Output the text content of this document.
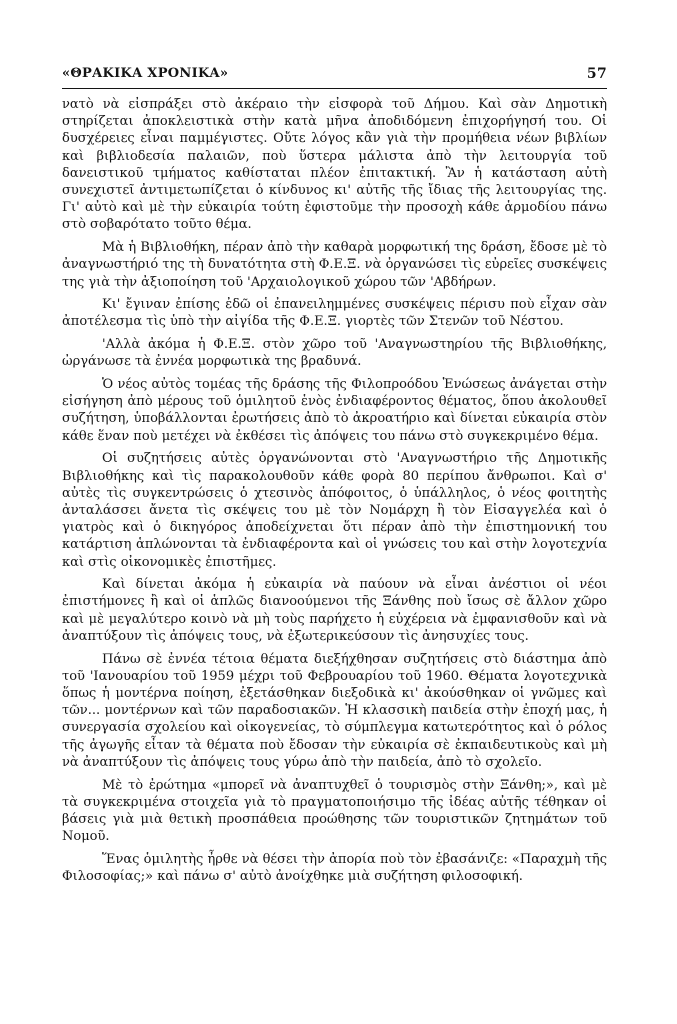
«ΘΡΑΚΙΚΑ ΧΡΟΝΙΚΑ»	57

νατὸ νὰ εἰσπράξει στὸ ἀκέραιο τὴν εἰσφορὰ τοῦ Δήμου. Καὶ σὰν Δημοτικὴ στηρίζεται ἀποκλειστικὰ στὴν κατὰ μῆνα ἀποδιδόμενη ἐπιχορήγησή του. Οἱ δυσχέρειες εἶναι παμμέγιστες. Οὔτε λόγος κἂν γιὰ τὴν προμήθεια νέων βιβλίων καὶ βιβλιοδεσία παλαιῶν, ποὺ ὕστερα μάλιστα ἀπὸ τὴν λειτουργία τοῦ δανειστικοῦ τμήματος καθίσταται πλέον ἐπιτακτική. Ἂν ἡ κατάσταση αὐτὴ συνεχιστεῖ ἀντιμετωπίζεται ὁ κίνδυνος κι' αὐτῆς τῆς ἴδιας τῆς λειτουργίας της. Γι' αὐτὸ καὶ μὲ τὴν εὐκαιρία τούτη ἐφιστοῦμε τὴν προσοχὴ κάθε ἁρμοδίου πάνω στὸ σοβαρότατο τοῦτο θέμα.

Μὰ ἡ Βιβλιοθήκη, πέραν ἀπὸ τὴν καθαρὰ μορφωτική της δράση, ἔδοσε μὲ τὸ ἀναγνωστήριό της τὴ δυνατότητα στὴ Φ.Ε.Ξ. νὰ ὀργανώσει τὶς εὐρεῖες συσκέψεις της γιὰ τὴν ἀξιοποίηση τοῦ 'Αρχαιολογικοῦ χώρου τῶν 'Αβδήρων.

Κι' ἔγιναν ἐπίσης ἐδῶ οἱ ἐπανειλημμένες συσκέψεις πέρισυ ποὺ εἶχαν σὰν ἀποτέλεσμα τὶς ὑπὸ τὴν αἰγίδα τῆς Φ.Ε.Ξ. γιορτὲς τῶν Στενῶν τοῦ Νέστου.

'Αλλὰ ἀκόμα ἡ Φ.Ε.Ξ. στὸν χῶρο τοῦ 'Αναγνωστηρίου τῆς Βιβλιοθήκης, ὠργάνωσε τὰ ἐννέα μορφωτικὰ της βραδυνά.

Ὁ νέος αὐτὸς τομέας τῆς δράσης τῆς Φιλοπροόδου Ἑνώσεως ἀνάγεται στὴν εἰσήγηση ἀπὸ μέρους τοῦ ὁμιλητοῦ ἑνὸς ἐνδιαφέροντος θέματος, ὅπου ἀκολουθεῖ συζήτηση, ὑποβάλλονται ἐρωτήσεις ἀπὸ τὸ ἀκροατήριο καὶ δίνεται εὐκαιρία στὸν κάθε ἕναν ποὺ μετέχει νὰ ἐκθέσει τὶς ἀπόψεις του πάνω στὸ συγκεκριμένο θέμα.

Οἱ συζητήσεις αὐτὲς ὀργανώνονται στὸ 'Αναγνωστήριο τῆς Δημοτικῆς Βιβλιοθήκης καὶ τὶς παρακολουθοῦν κάθε φορὰ 80 περίπου ἄνθρωποι. Καὶ σ' αὐτὲς τὶς συγκεντρώσεις ὁ χτεσινὸς ἀπόφοιτος, ὁ ὑπάλληλος, ὁ νέος φοιτητὴς ἀνταλάσσει ἄνετα τὶς σκέψεις του μὲ τὸν Νομάρχη ἢ τὸν Εἰσαγγελέα καὶ ὁ γιατρὸς καὶ ὁ δικηγόρος ἀποδείχνεται ὅτι πέραν ἀπὸ τὴν ἐπιστημονική του κατάρτιση ἁπλώνονται τὰ ἐνδιαφέροντα καὶ οἱ γνώσεις του καὶ στὴν λογοτεχνία καὶ στὶς οἰκονομικὲς ἐπιστῆμες.

Καὶ δίνεται ἀκόμα ἡ εὐκαιρία νὰ παύουν νὰ εἶναι ἀνέστιοι οἱ νέοι ἐπιστήμονες ἢ καὶ οἱ ἁπλῶς διανοούμενοι τῆς Ξάνθης ποὺ ἴσως σὲ ἄλλον χῶρο καὶ μὲ μεγαλύτερο κοινὸ νὰ μὴ τοὺς παρήχετο ἡ εὐχέρεια νὰ ἐμφανισθοῦν καὶ νὰ ἀναπτύξουν τὶς ἀπόψεις τους, νὰ ἐξωτερικεύσουν τὶς ἀνησυχίες τους.

Πάνω σὲ ἐννέα τέτοια θέματα διεξήχθησαν συζητήσεις στὸ διάστημα ἀπὸ τοῦ 'Ιανουαρίου τοῦ 1959 μέχρι τοῦ Φεβρουαρίου τοῦ 1960. Θέματα λογοτεχνικὰ ὅπως ἡ μοντέρνα ποίηση, ἐξετάσθηκαν διεξοδικὰ κι' ἀκούσθηκαν οἱ γνῶμες καὶ τῶν... μοντέρνων καὶ τῶν παραδοσιακῶν. Ἡ κλασσικὴ παιδεία στὴν ἐποχή μας, ἡ συνεργασία σχολείου καὶ οἰκογενείας, τὸ σύμπλεγμα κατωτερότητος καὶ ὁ ρόλος τῆς ἀγωγῆς εἶταν τὰ θέματα ποὺ ἔδοσαν τὴν εὐκαιρία σὲ ἐκπαιδευτικοὺς καὶ μὴ νὰ ἀναπτύξουν τὶς ἀπόψεις τους γύρω ἀπὸ τὴν παιδεία, ἀπὸ τὸ σχολεῖο.

Μὲ τὸ ἐρώτημα «μπορεῖ νὰ ἀναπτυχθεῖ ὁ τουρισμὸς στὴν Ξάνθη;», καὶ μὲ τὰ συγκεκριμένα στοιχεῖα γιὰ τὸ πραγματοποιήσιμο τῆς ἰδέας αὐτῆς τέθηκαν οἱ βάσεις γιὰ μιὰ θετικὴ προσπάθεια προώθησης τῶν τουριστικῶν ζητημάτων τοῦ Νομοῦ.

Ἕνας ὁμιλητὴς ἦρθε νὰ θέσει τὴν ἀπορία ποὺ τὸν ἐβασάνιζε: «Παραχμὴ τῆς Φιλοσοφίας;» καὶ πάνω σ' αὐτὸ ἀνοίχθηκε μιὰ συζήτηση φιλοσοφική.
